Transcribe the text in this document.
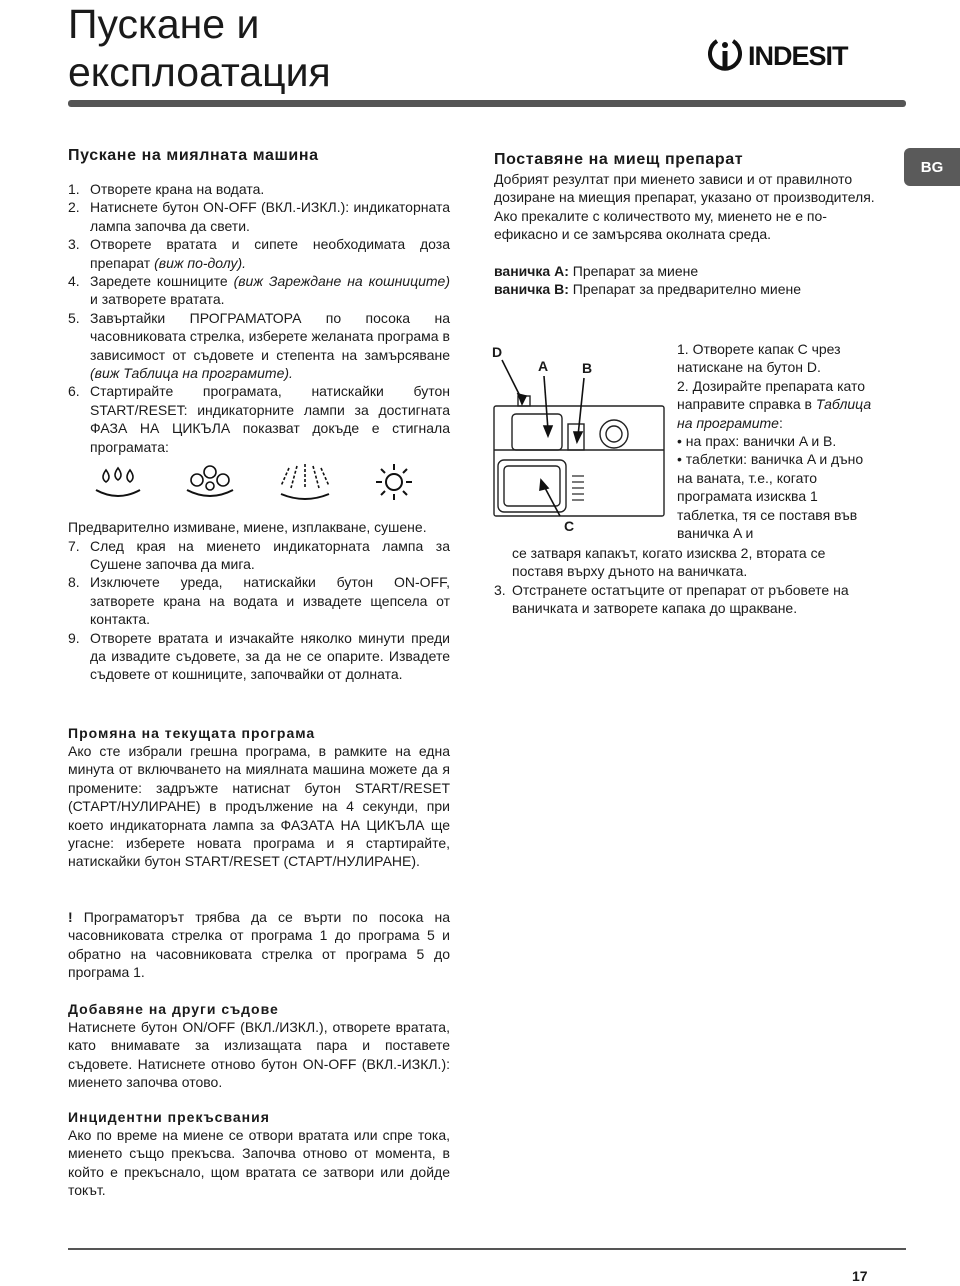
Пускане и
експлоатация	INDESIT
BG
Пускане на миялната машина
1. Отворете крана на водата.
2. Натиснете бутон ON-OFF (ВКЛ.-ИЗКЛ.): индикаторната лампа започва да свети.
3. Отворете вратата и сипете необходимата доза препарат (виж по-долу).
4. Заредете кошниците (виж Зареждане на кошниците) и затворете вратата.
5. Завъртайки ПРОГРАМАТОРА по посока на часовниковата стрелка, изберете желаната програма в зависимост от съдовете и степента на замърсяване (виж Таблица на програмите).
6. Стартирайте програмата, натискайки бутон START/RESET: индикаторните лампи за достигната ФАЗА НА ЦИКЪЛА показват докъде е стигнала програмата:

Предварително измиване, миене, изплакване, сушене.

7. След края на миенето индикаторната лампа за Сушене започва да мига.
8. Изключете уреда, натискайки бутон ON-OFF, затворете крана на водата и извадете щепсела от контакта.
9. Отворете вратата и изчакайте няколко минути преди да извадите съдовете, за да не се опарите. Извадете съдовете от кошниците, започвайки от долната.
Промяна на текущата програма

Ако сте избрали грешна програма, в рамките на една минута от включването на миялната машина можете да я промените: задръжте натиснат бутон START/RESET (СТАРТ/НУЛИРАНЕ) в продължение на 4 секунди, при което индикаторната лампа за ФАЗАТА НА ЦИКЪЛА ще угасне: изберете новата програма и я стартирайте, натискайки бутон START/RESET (СТАРТ/НУЛИРАНЕ).

! Програматорът трябва да се върти по посока на часовниковата стрелка от програма 1 до програма 5 и обратно на часовниковата стрелка от програма 5 до програма 1.

Добавяне на други съдове

Натиснете бутон ON/OFF (ВКЛ./ИЗКЛ.), отворете вратата, като внимавате за излизащата пара и поставете съдовете. Натиснете отново бутон ON-OFF (ВКЛ.-ИЗКЛ.): миенето започва отово.

Инцидентни прекъсвания

Ако по време на миене се отвори вратата или спре тока, миенето също прекъсва. Започва отново от момента, в който е прекъснало, щом вратата се затвори или дойде токът.

Поставяне на миещ препарат

Добрият резултат при миенето зависи и от правилното дозиране на миещия препарат, указано от производителя. Ако прекалите с количеството му, миенето не е по-ефикасно и се замърсява околната среда.

ваничка A: Препарат за миене

ваничка B: Препарат за предварително миене

D
A B
C

1. Отворете капак C чрез натискане на бутон D.

2. Дозирайте препарата като направите справка в Таблица на програмите:

• на прах: ванички A и B.

• таблетки: ваничка A и дъно на ваната, т.е., когато програмата изисква 1 таблетка, тя се поставя във ваничка A и

се затваря капакът, когато изисква 2, втората се поставя върху дъното на ваничката.

3. Отстранете остатъците от препарат от ръбовете на ваничката и затворете капака до щракване.

17
